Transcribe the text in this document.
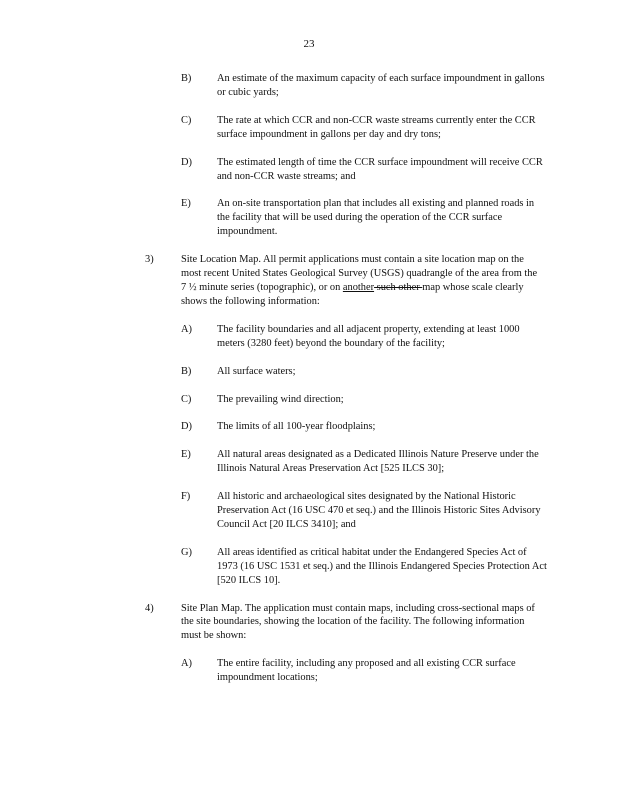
23
B) An estimate of the maximum capacity of each surface impoundment in gallons or cubic yards;
C) The rate at which CCR and non-CCR waste streams currently enter the CCR surface impoundment in gallons per day and dry tons;
D) The estimated length of time the CCR surface impoundment will receive CCR and non-CCR waste streams; and
E)	An on-site transportation plan that includes all existing and planned roads in the facility that will be used during the operation of the CCR surface impoundment.
3)	Site Location Map. All permit applications must contain a site location map on the most recent United States Geological Survey (USGS) quadrangle of the area from the 7 ½ minute series (topographic), or on another such other map whose scale clearly shows the following information:
A) The facility boundaries and all adjacent property, extending at least 1000 meters (3280 feet) beyond the boundary of the facility;
B) All surface waters;
C) The prevailing wind direction;
D) The limits of all 100-year floodplains;
E)	All natural areas designated as a Dedicated Illinois Nature Preserve under the Illinois Natural Areas Preservation Act [525 ILCS 30];
F)	All historic and archaeological sites designated by the National Historic Preservation Act (16 USC 470 et seq.) and the Illinois Historic Sites Advisory Council Act [20 ILCS 3410]; and
G) All areas identified as critical habitat under the Endangered Species Act of 1973 (16 USC 1531 et seq.) and the Illinois Endangered Species Protection Act [520 ILCS 10].
4)	Site Plan Map. The application must contain maps, including cross-sectional maps of the site boundaries, showing the location of the facility. The following information must be shown:
A) The entire facility, including any proposed and all existing CCR surface impoundment locations;
